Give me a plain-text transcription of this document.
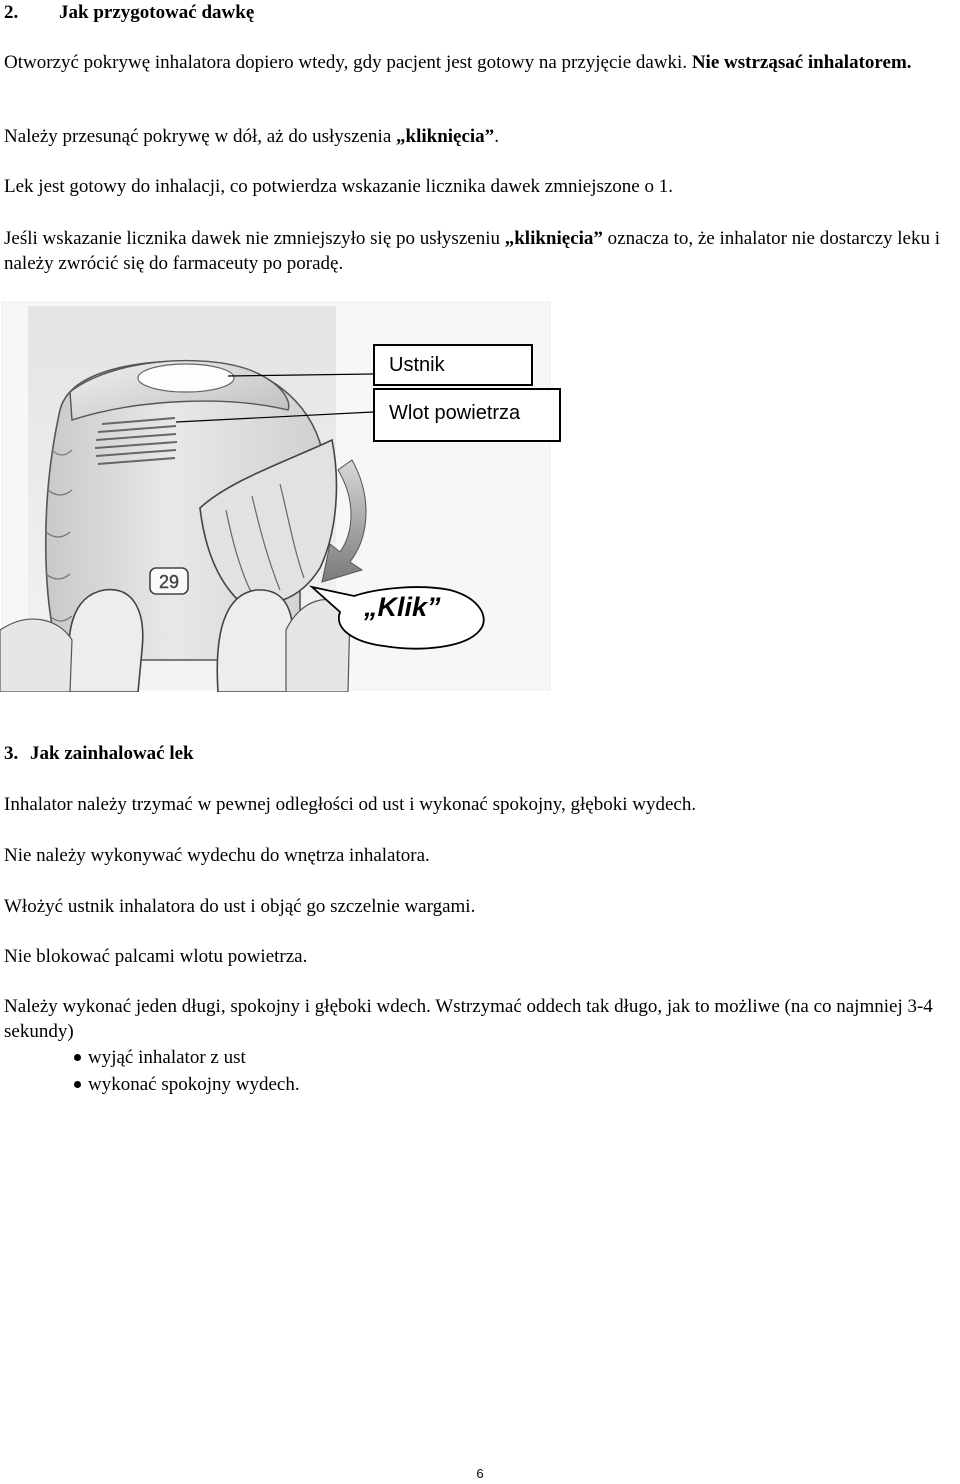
2. Jak przygotować dawkę

Otworzyć pokrywę inhalatora dopiero wtedy, gdy pacjent jest gotowy na przyjęcie dawki. Nie wstrząsać inhalatorem.

Należy przesunąć pokrywę w dół, aż do usłyszenia „kliknięcia”.

Lek jest gotowy do inhalacji, co potwierdza wskazanie licznika dawek zmniejszone o 1.

Jeśli wskazanie licznika dawek nie zmniejszyło się po usłyszeniu „kliknięcia” oznacza to, że inhalator nie dostarczy leku i należy zwrócić się do farmaceuty po poradę.

29
Ustnik
Wlot powietrza
„Klik”
3. Jak zainhalować lek

Inhalator należy trzymać w pewnej odległości od ust i wykonać spokojny, głęboki wydech.

Nie należy wykonywać wydechu do wnętrza inhalatora.

Włożyć ustnik inhalatora do ust i objąć go szczelnie wargami.

Nie blokować palcami wlotu powietrza.

Należy wykonać jeden długi, spokojny i głęboki wdech. Wstrzymać oddech tak długo, jak to możliwe (na co najmniej 3-4 sekundy)

wyjąć inhalator z ust
wykonać spokojny wydech.
6
